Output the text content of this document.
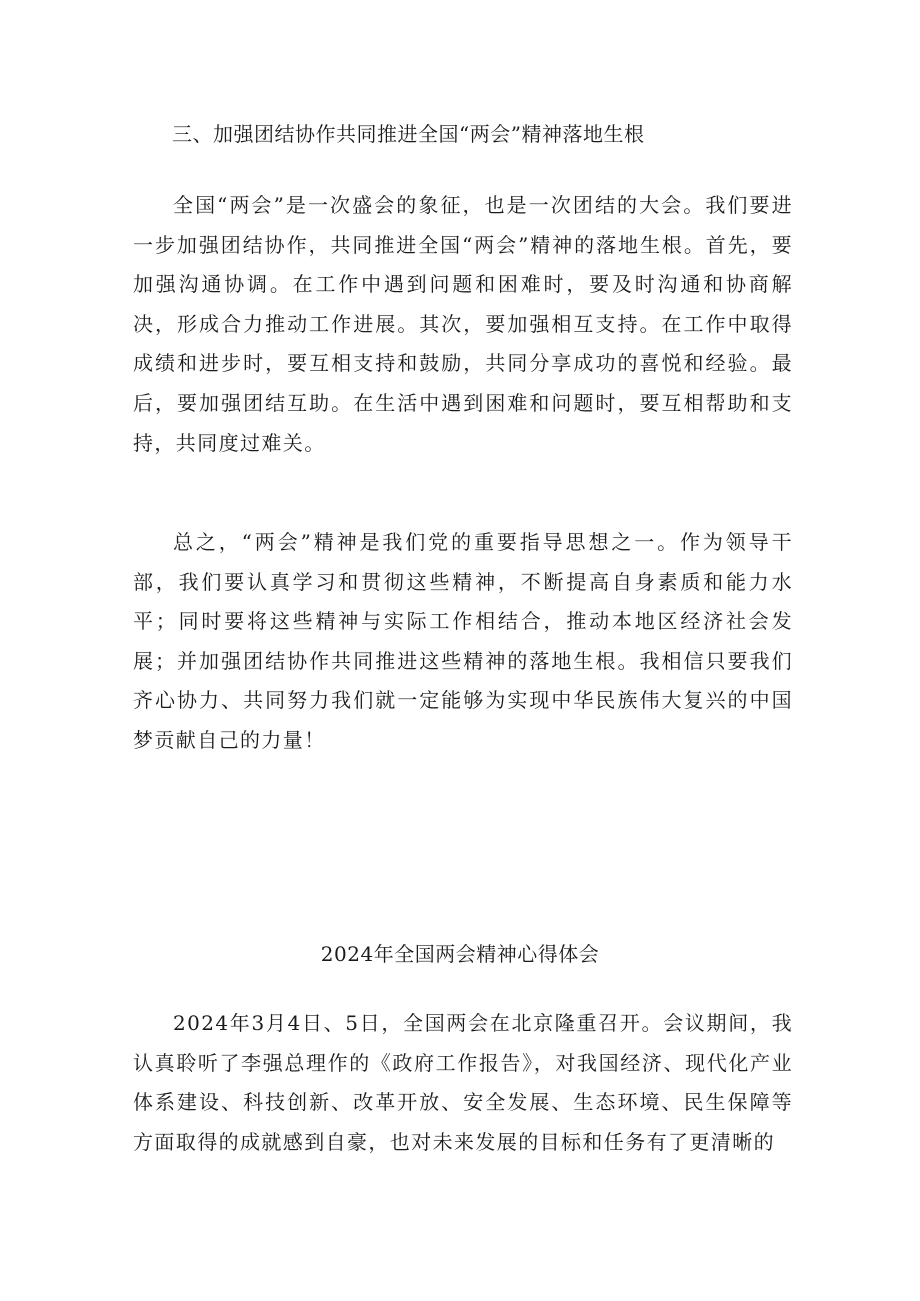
三、加强团结协作共同推进全国“两会”精神落地生根

全国“两会”是一次盛会的象征，也是一次团结的大会。我们要进一步加强团结协作，共同推进全国“两会”精神的落地生根。首先，要加强沟通协调。在工作中遇到问题和困难时，要及时沟通和协商解决，形成合力推动工作进展。其次，要加强相互支持。在工作中取得成绩和进步时，要互相支持和鼓励，共同分享成功的喜悦和经验。最后，要加强团结互助。在生活中遇到困难和问题时，要互相帮助和支持，共同度过难关。

总之，“两会”精神是我们党的重要指导思想之一。作为领导干部，我们要认真学习和贯彻这些精神，不断提高自身素质和能力水平；同时要将这些精神与实际工作相结合，推动本地区经济社会发展；并加强团结协作共同推进这些精神的落地生根。我相信只要我们齐心协力、共同努力我们就一定能够为实现中华民族伟大复兴的中国梦贡献自己的力量！

2024年全国两会精神心得体会

2024年3月4日、5日，全国两会在北京隆重召开。会议期间，我认真聆听了李强总理作的《政府工作报告》，对我国经济、现代化产业体系建设、科技创新、改革开放、安全发展、生态环境、民生保障等方面取得的成就感到自豪，也对未来发展的目标和任务有了更清晰的
